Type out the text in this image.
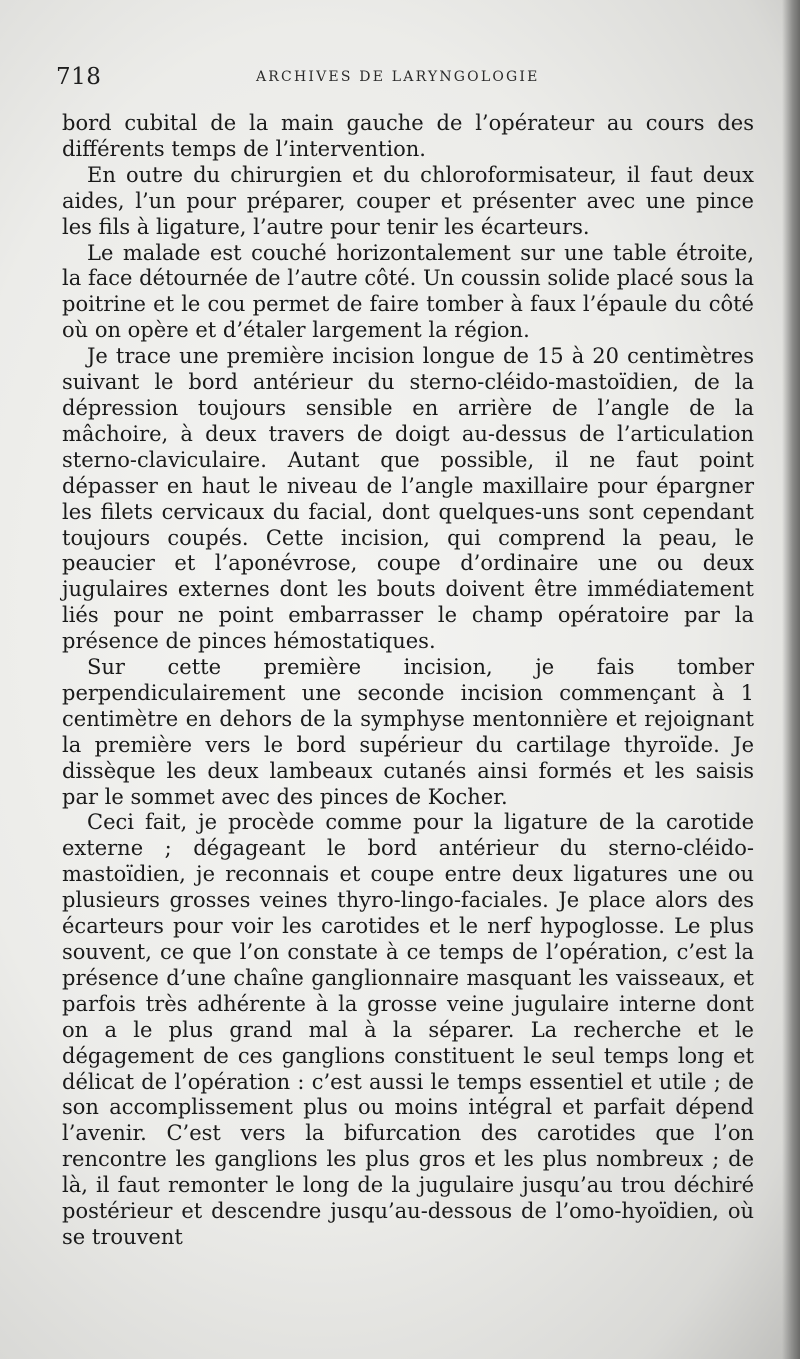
718	ARCHIVES DE LARYNGOLOGIE

bord cubital de la main gauche de l’opérateur au cours des différents temps de l’intervention.

En outre du chirurgien et du chloroformisateur, il faut deux aides, l’un pour préparer, couper et présenter avec une pince les fils à ligature, l’autre pour tenir les écarteurs.

Le malade est couché horizontalement sur une table étroite, la face détournée de l’autre côté. Un coussin solide placé sous la poitrine et le cou permet de faire tomber à faux l’épaule du côté où on opère et d’étaler largement la région.

Je trace une première incision longue de 15 à 20 centimètres suivant le bord antérieur du sterno-cléido-mastoïdien, de la dépression toujours sensible en arrière de l’angle de la mâchoire, à deux travers de doigt au-dessus de l’articulation sterno-claviculaire. Autant que possible, il ne faut point dépasser en haut le niveau de l’angle maxillaire pour épargner les filets cervicaux du facial, dont quelques-uns sont cependant toujours coupés. Cette incision, qui comprend la peau, le peaucier et l’aponévrose, coupe d’ordinaire une ou deux jugulaires externes dont les bouts doivent être immédiatement liés pour ne point embarrasser le champ opératoire par la présence de pinces hémostatiques.

Sur cette première incision, je fais tomber perpendiculairement une seconde incision commençant à 1 centimètre en dehors de la symphyse mentonnière et rejoignant la première vers le bord supérieur du cartilage thyroïde. Je dissèque les deux lambeaux cutanés ainsi formés et les saisis par le sommet avec des pinces de Kocher.

Ceci fait, je procède comme pour la ligature de la carotide externe ; dégageant le bord antérieur du sterno-cléido-mastoïdien, je reconnais et coupe entre deux ligatures une ou plusieurs grosses veines thyro-lingo-faciales. Je place alors des écarteurs pour voir les carotides et le nerf hypoglosse. Le plus souvent, ce que l’on constate à ce temps de l’opération, c’est la présence d’une chaîne ganglionnaire masquant les vaisseaux, et parfois très adhérente à la grosse veine jugulaire interne dont on a le plus grand mal à la séparer. La recherche et le dégagement de ces ganglions constituent le seul temps long et délicat de l’opération : c’est aussi le temps essentiel et utile ; de son accomplissement plus ou moins intégral et parfait dépend l’avenir. C’est vers la bifurcation des carotides que l’on rencontre les ganglions les plus gros et les plus nombreux ; de là, il faut remonter le long de la jugulaire jusqu’au trou déchiré postérieur et descendre jusqu’au-dessous de l’omo-hyoïdien, où se trouvent
